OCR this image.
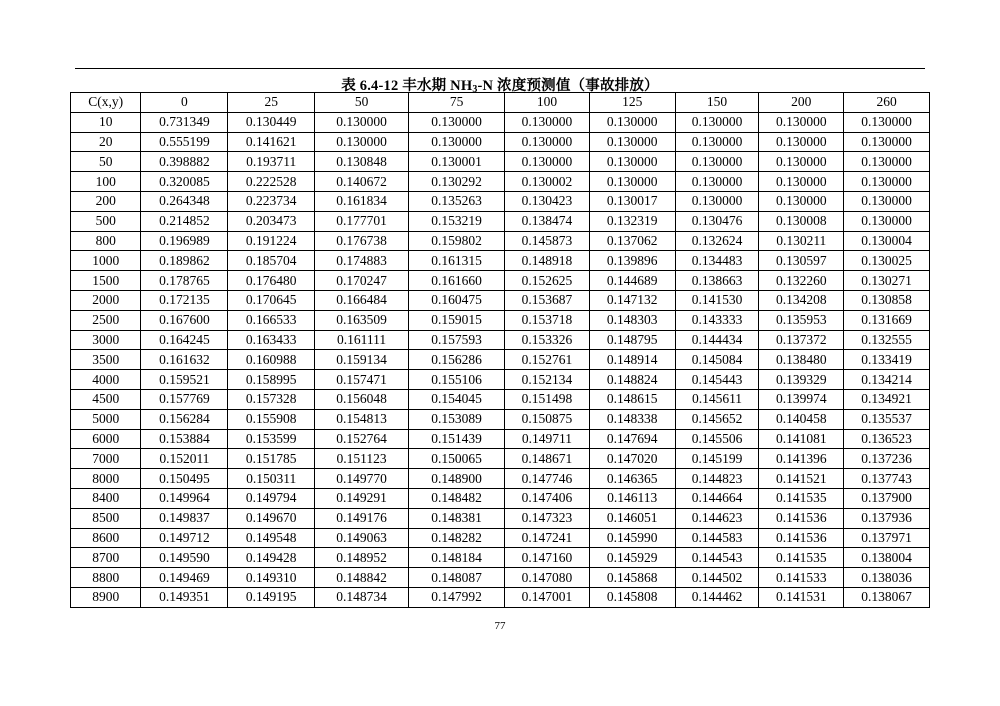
表 6.4-12 丰水期 $NH_3-N$ 浓度预测值（事故排放）
C(x,y)	0	25	50	75	100	125	150	200	260
10	0.731349	0.130449	0.130000	0.130000	0.130000	0.130000	0.130000	0.130000	0.130000
20	0.555199	0.141621	0.130000	0.130000	0.130000	0.130000	0.130000	0.130000	0.130000
50	0.398882	0.193711	0.130848	0.130001	0.130000	0.130000	0.130000	0.130000	0.130000
100	0.320085	0.222528	0.140672	0.130292	0.130002	0.130000	0.130000	0.130000	0.130000
200	0.264348	0.223734	0.161834	0.135263	0.130423	0.130017	0.130000	0.130000	0.130000
500	0.214852	0.203473	0.177701	0.153219	0.138474	0.132319	0.130476	0.130008	0.130000
800	0.196989	0.191224	0.176738	0.159802	0.145873	0.137062	0.132624	0.130211	0.130004
1000	0.189862	0.185704	0.174883	0.161315	0.148918	0.139896	0.134483	0.130597	0.130025
1500	0.178765	0.176480	0.170247	0.161660	0.152625	0.144689	0.138663	0.132260	0.130271
2000	0.172135	0.170645	0.166484	0.160475	0.153687	0.147132	0.141530	0.134208	0.130858
2500	0.167600	0.166533	0.163509	0.159015	0.153718	0.148303	0.143333	0.135953	0.131669
3000	0.164245	0.163433	0.161111	0.157593	0.153326	0.148795	0.144434	0.137372	0.132555
3500	0.161632	0.160988	0.159134	0.156286	0.152761	0.148914	0.145084	0.138480	0.133419
4000	0.159521	0.158995	0.157471	0.155106	0.152134	0.148824	0.145443	0.139329	0.134214
4500	0.157769	0.157328	0.156048	0.154045	0.151498	0.148615	0.145611	0.139974	0.134921
5000	0.156284	0.155908	0.154813	0.153089	0.150875	0.148338	0.145652	0.140458	0.135537
6000	0.153884	0.153599	0.152764	0.151439	0.149711	0.147694	0.145506	0.141081	0.136523
7000	0.152011	0.151785	0.151123	0.150065	0.148671	0.147020	0.145199	0.141396	0.137236
8000	0.150495	0.150311	0.149770	0.148900	0.147746	0.146365	0.144823	0.141521	0.137743
8400	0.149964	0.149794	0.149291	0.148482	0.147406	0.146113	0.144664	0.141535	0.137900
8500	0.149837	0.149670	0.149176	0.148381	0.147323	0.146051	0.144623	0.141536	0.137936
8600	0.149712	0.149548	0.149063	0.148282	0.147241	0.145990	0.144583	0.141536	0.137971
8700	0.149590	0.149428	0.148952	0.148184	0.147160	0.145929	0.144543	0.141535	0.138004
8800	0.149469	0.149310	0.148842	0.148087	0.147080	0.145868	0.144502	0.141533	0.138036
8900	0.149351	0.149195	0.148734	0.147992	0.147001	0.145808	0.144462	0.141531	0.138067
77
